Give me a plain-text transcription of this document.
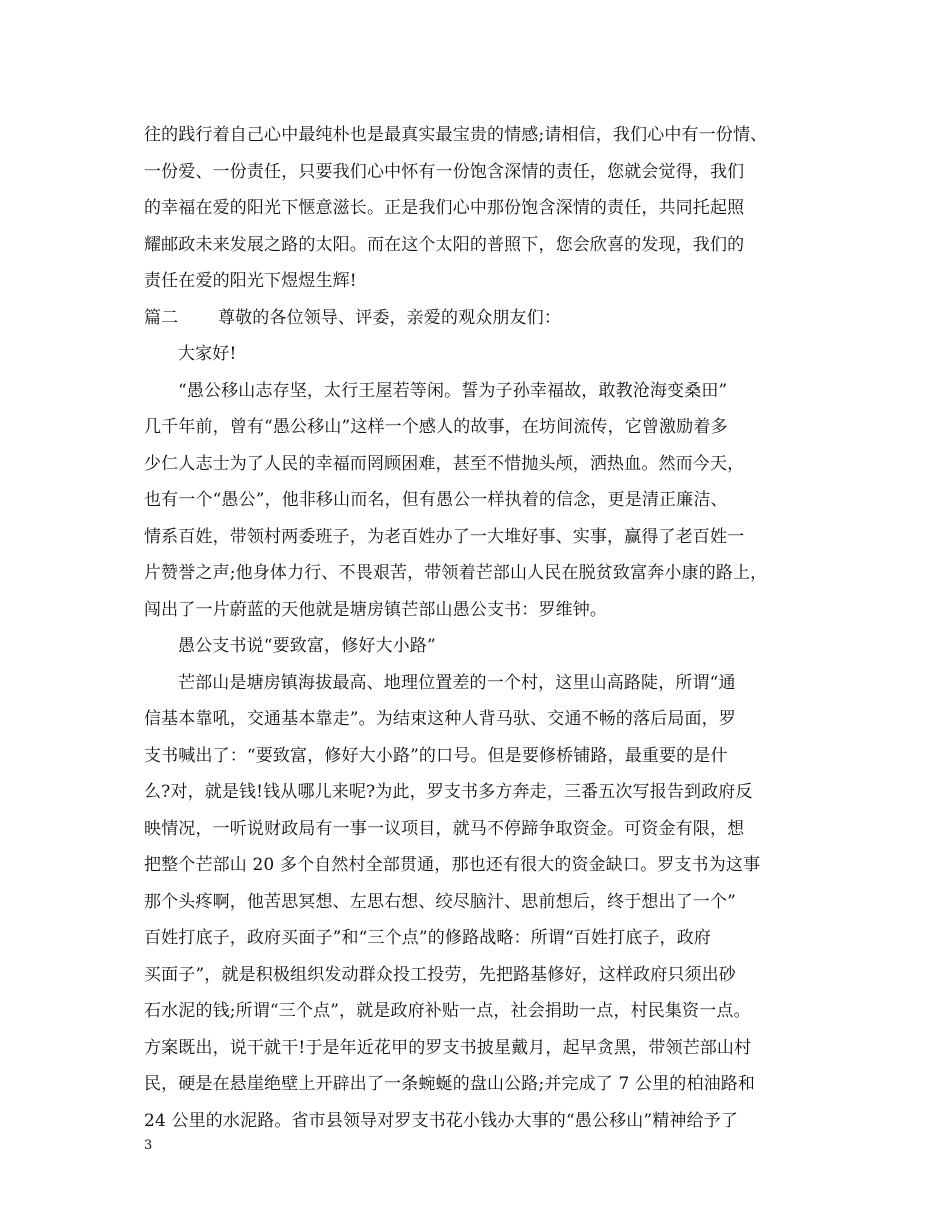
往的践行着自己心中最纯朴也是最真实最宝贵的情感;请相信，我们心中有一份情、
一份爱、一份责任，只要我们心中怀有一份饱含深情的责任，您就会觉得，我们
的幸福在爱的阳光下惬意滋长。正是我们心中那份饱含深情的责任，共同托起照
耀邮政未来发展之路的太阳。而在这个太阳的普照下，您会欣喜的发现，我们的
责任在爱的阳光下煜煜生辉!
篇二 尊敬的各位领导、评委，亲爱的观众朋友们：
大家好!
“愚公移山志存坚，太行王屋若等闲。誓为子孙幸福故，敢教沧海变桑田”
几千年前，曾有“愚公移山”这样一个感人的故事，在坊间流传，它曾激励着多
少仁人志士为了人民的幸福而罔顾困难，甚至不惜抛头颅，洒热血。然而今天，
也有一个“愚公”，他非移山而名，但有愚公一样执着的信念，更是清正廉洁、
情系百姓，带领村两委班子，为老百姓办了一大堆好事、实事，赢得了老百姓一
片赞誉之声;他身体力行、不畏艰苦，带领着芒部山人民在脱贫致富奔小康的路上，
闯出了一片蔚蓝的天他就是塘房镇芒部山愚公支书：罗维钟。
愚公支书说“要致富，修好大小路”
芒部山是塘房镇海拔最高、地理位置差的一个村，这里山高路陡，所谓“通
信基本靠吼，交通基本靠走”。为结束这种人背马驮、交通不畅的落后局面，罗
支书喊出了：“要致富，修好大小路”的口号。但是要修桥铺路，最重要的是什
么?对，就是钱!钱从哪儿来呢?为此，罗支书多方奔走，三番五次写报告到政府反
映情况，一听说财政局有一事一议项目，就马不停蹄争取资金。可资金有限，想
把整个芒部山 20 多个自然村全部贯通，那也还有很大的资金缺口。罗支书为这事
那个头疼啊，他苦思冥想、左思右想、绞尽脑汁、思前想后，终于想出了一个”
百姓打底子，政府买面子”和“三个点”的修路战略：所谓“百姓打底子，政府
买面子”，就是积极组织发动群众投工投劳，先把路基修好，这样政府只须出砂
石水泥的钱;所谓“三个点”，就是政府补贴一点，社会捐助一点，村民集资一点。
方案既出，说干就干!于是年近花甲的罗支书披星戴月，起早贪黑，带领芒部山村
民，硬是在悬崖绝壁上开辟出了一条蜿蜒的盘山公路;并完成了 7 公里的柏油路和
24 公里的水泥路。省市县领导对罗支书花小钱办大事的“愚公移山”精神给予了
3
